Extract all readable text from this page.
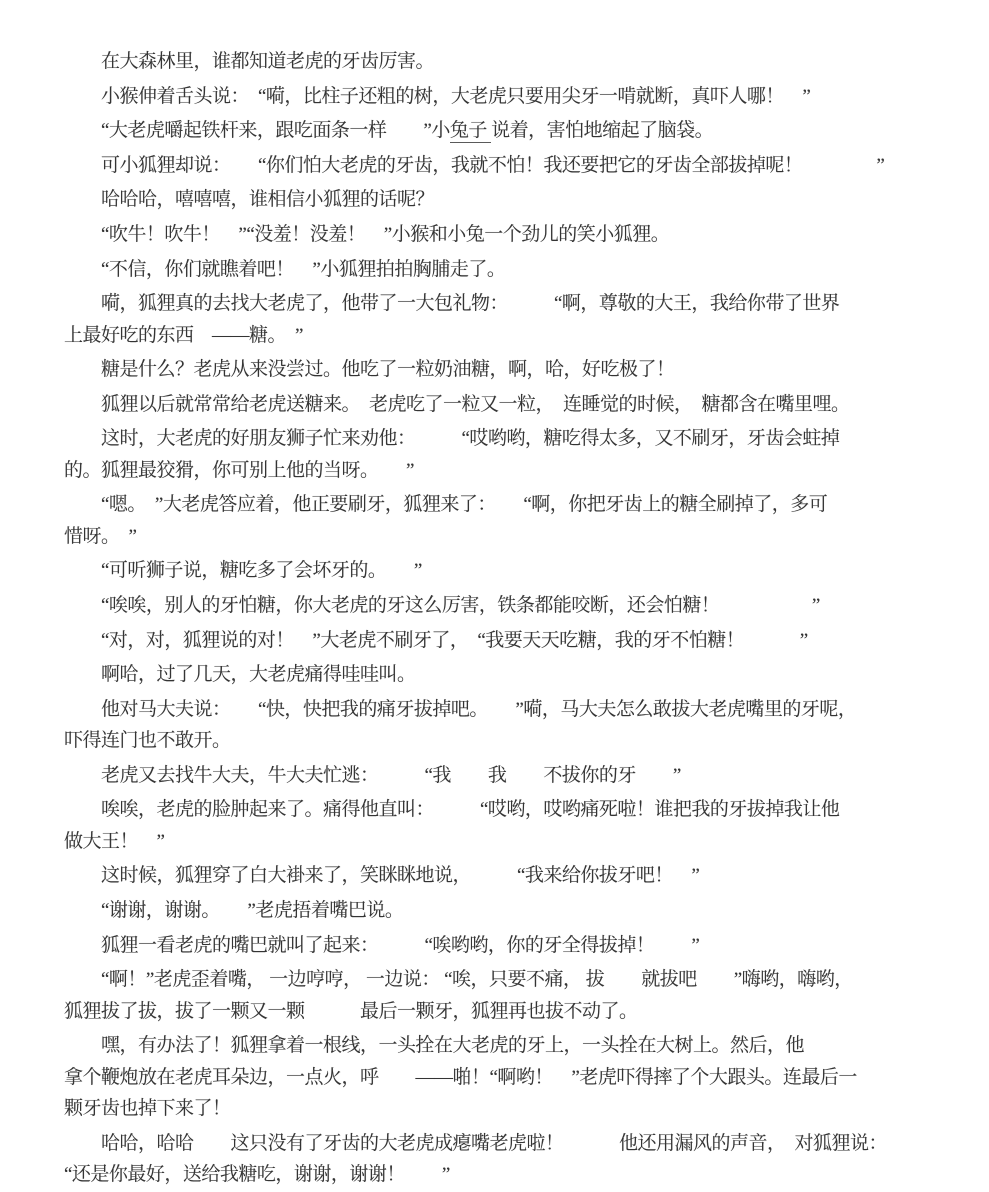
　　在大森林里，谁都知道老虎的牙齿厉害。
　　小猴伸着舌头说：　“嗬，比柱子还粗的树，大老虎只要用尖牙一啃就断，真吓人哪！　”
　　“大老虎嚼起铁杆来，跟吃面条一样　　”小兔子 说着，害怕地缩起了脑袋。
　　可小狐狸却说：　　“你们怕大老虎的牙齿，我就不怕！我还要把它的牙齿全部拔掉呢！　　　　”
　　哈哈哈，嘻嘻嘻，谁相信小狐狸的话呢？
　　“吹牛！吹牛！　”“没羞！没羞！　”小猴和小兔一个劲儿的笑小狐狸。
　　“不信，你们就瞧着吧！　”小狐狸拍拍胸脯走了。
　　嗬，狐狸真的去找大老虎了，他带了一大包礼物：　　　“啊，尊敬的大王，我给你带了世界
上最好吃的东西　——糖。　”
　　糖是什么？老虎从来没尝过。他吃了一粒奶油糖，啊，哈，好吃极了！
　　狐狸以后就常常给老虎送糖来。　老虎吃了一粒又一粒，　连睡觉的时候，　糖都含在嘴里哩。
　　这时，大老虎的好朋友狮子忙来劝他：　　　“哎哟哟，糖吃得太多，又不刷牙，牙齿会蛀掉
的。狐狸最狡猾，你可别上他的当呀。　　”
　　“嗯。　”大老虎答应着，他正要刷牙，狐狸来了：　　“啊，你把牙齿上的糖全刷掉了，多可
惜呀。　”
　　“可听狮子说，糖吃多了会坏牙的。　　”
　　“唉唉，别人的牙怕糖，你大老虎的牙这么厉害，铁条都能咬断，还会怕糖！　　　　　”
　　“对，对，狐狸说的对！　”大老虎不刷牙了，　“我要天天吃糖，我的牙不怕糖！　　　”
　　啊哈，过了几天，大老虎痛得哇哇叫。
　　他对马大夫说：　　“快，快把我的痛牙拔掉吧。　　”嗬，马大夫怎么敢拔大老虎嘴里的牙呢，
吓得连门也不敢开。
　　老虎又去找牛大夫，牛大夫忙逃：　　　“我　　我　　不拔你的牙　　”
　　唉唉，老虎的脸肿起来了。痛得他直叫：　　　“哎哟，哎哟痛死啦！谁把我的牙拔掉我让他
做大王！　”
　　这时候，狐狸穿了白大褂来了，笑眯眯地说，　　　“我来给你拔牙吧！　”
　　“谢谢，谢谢。　　”老虎捂着嘴巴说。
　　狐狸一看老虎的嘴巴就叫了起来：　　　“唉哟哟，你的牙全得拔掉！　　”
　　“啊！”老虎歪着嘴， 一边哼哼， 一边说： “唉，只要不痛， 拔　　就拔吧　　”嗨哟，嗨哟，
狐狸拔了拔，拔了一颗又一颗　　　最后一颗牙，狐狸再也拔不动了。
　　嘿，有办法了！狐狸拿着一根线，一头拴在大老虎的牙上，一头拴在大树上。然后，他
拿个鞭炮放在老虎耳朵边，一点火，呼　　——啪！“啊哟！　”老虎吓得摔了个大跟头。连最后一
颗牙齿也掉下来了！
　　哈哈，哈哈　　这只没有了牙齿的大老虎成瘪嘴老虎啦！　　　他还用漏风的声音，　对狐狸说：
“还是你最好，送给我糖吃，谢谢，谢谢！　　”
